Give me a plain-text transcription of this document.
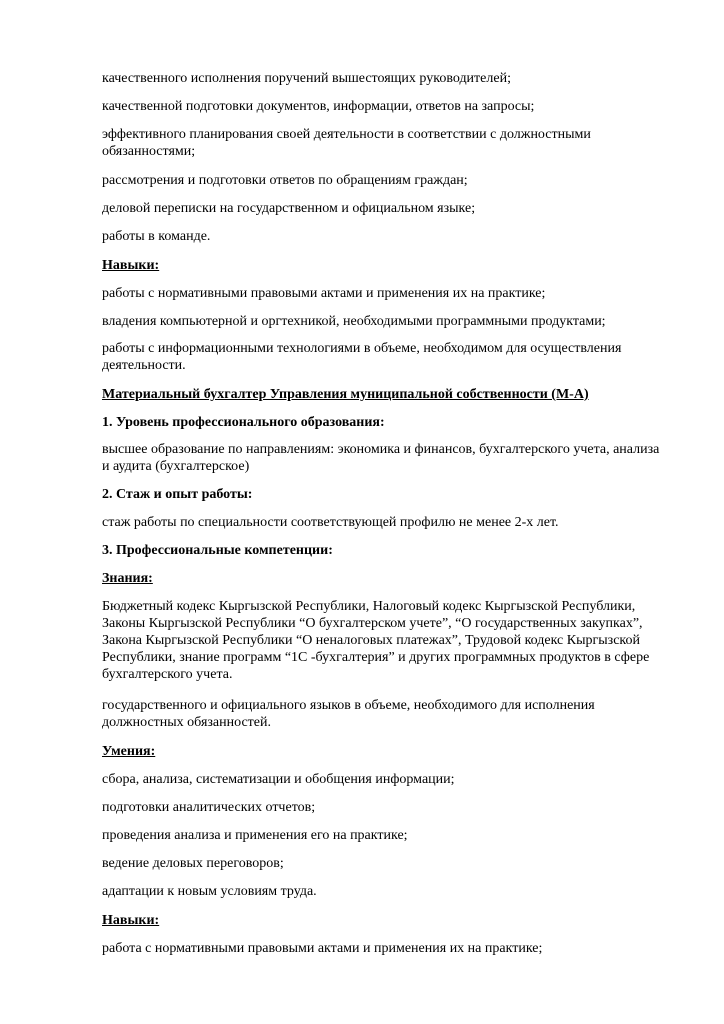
качественного исполнения поручений вышестоящих руководителей;

качественной подготовки документов, информации, ответов на запросы;

эффективного планирования своей деятельности в соответствии с должностными обязанностями;

рассмотрения и подготовки ответов по обращениям граждан;

деловой переписки на государственном и официальном языке;

работы в команде.

Навыки:

работы с нормативными правовыми актами и применения их на практике;

владения компьютерной и оргтехникой, необходимыми программными продуктами;

работы с информационными технологиями в объеме, необходимом для осуществления деятельности.

Материальный бухгалтер Управления муниципальной собственности (М-А)

1. Уровень профессионального образования:

высшее образование по направлениям: экономика и финансов, бухгалтерского учета, анализа и аудита (бухгалтерское)

2. Стаж и опыт работы:

стаж работы по специальности соответствующей профилю не менее 2-х лет.

3. Профессиональные компетенции:

Знания:

Бюджетный кодекс Кыргызской Республики, Налоговый кодекс Кыргызской Республики, Законы Кыргызской Республики “О бухгалтерском учете”, “О государственных закупках”, Закона Кыргызской Республики “О неналоговых платежах”, Трудовой кодекс Кыргызской Республики, знание программ “1С -бухгалтерия” и других программных продуктов в сфере бухгалтерского учета.

государственного и официального языков в объеме, необходимого для исполнения должностных обязанностей.

Умения:

сбора, анализа, систематизации и обобщения информации;

подготовки аналитических отчетов;

проведения анализа и применения его на практике;

ведение деловых переговоров;

адаптации к новым условиям труда.

Навыки:

работа с нормативными правовыми актами и применения их на практике;
